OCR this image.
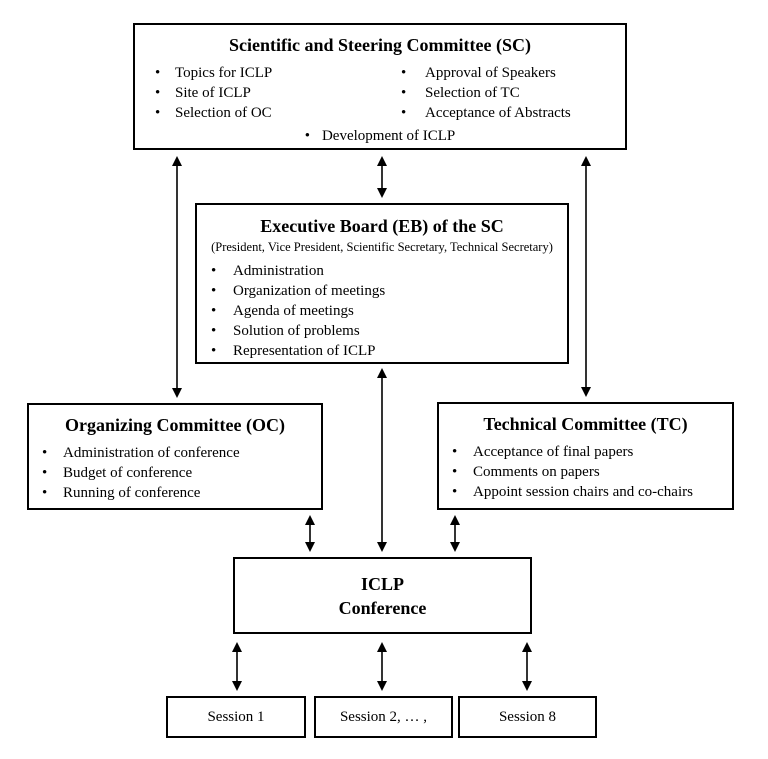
Scientific and Steering Committee (SC)
• Topics for ICLP
• Site of ICLP
• Selection of OC
• Approval of Speakers
• Selection of TC
• Acceptance of Abstracts
• Development of ICLP
Executive Board (EB) of the SC
(President, Vice President, Scientific Secretary, Technical Secretary)
• Administration
• Organization of meetings
• Agenda of meetings
• Solution of problems
• Representation of ICLP
Organizing Committee (OC)
• Administration of conference
• Budget of conference
• Running of conference
Technical Committee (TC)
• Acceptance of final papers
• Comments on papers
• Appoint session chairs and co-chairs
ICLP
Conference
Session 1	Session 2, … ,	Session 8
